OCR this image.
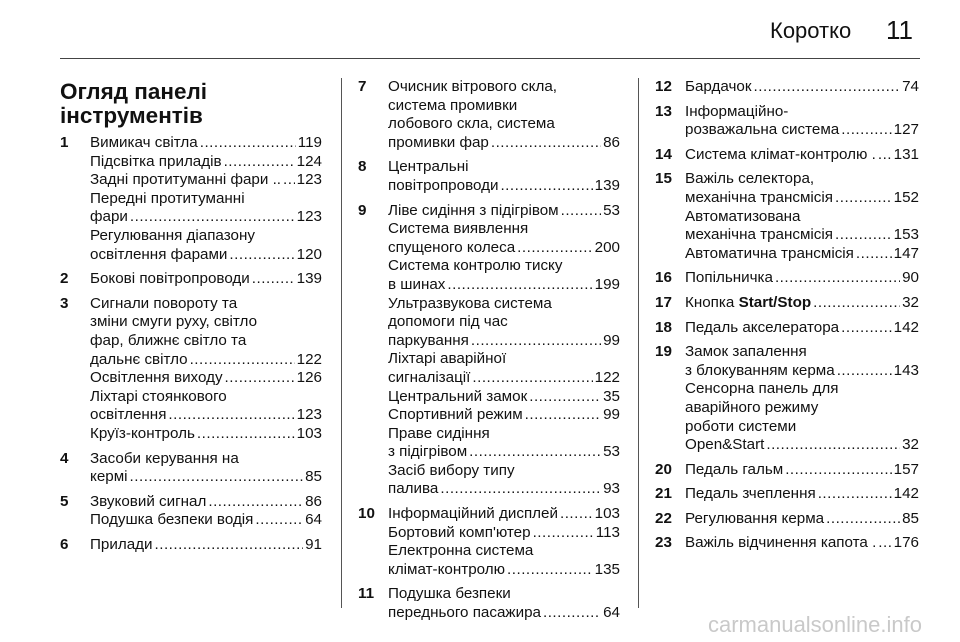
Коротко 11
Огляд панелі
інструментів
1 Вимикач світла .....	119
Підсвітка приладів .....	124
Задні протитуманні фари .. ..... 123
Передні протитуманні
фари .....	123
Регулювання діапазону
освітлення фарами .....	120
2 Бокові повітропроводи .....	139
3 Сигнали повороту та
зміни смуги руху, світло
фар, ближнє світло та
дальнє світло .....	122
Освітлення виходу .....	126
Ліхтарі стоянкового
освітлення .....	123
Круїз-контроль .....	103
4 Засоби керування на
кермі .....	85
5 Звуковий сигнал .....	86
Подушка безпеки водія .....	64
6 Прилади .....	91
7 Очисник вітрового скла,
система промивки
лобового скла, система
промивки фар .....	86
8 Центральні
повітропроводи .....	139
9 Ліве сидіння з підігрівом .....	53
Система виявлення
спущеного колеса .....	200
Система контролю тиску
в шинах .....	199
Ультразвукова система
допомоги під час
паркування .....	99
Ліхтарі аварійної
сигналізації .....	122
Центральний замок .....	35
Спортивний режим .....	99
Праве сидіння
з підігрівом .....	53
Засіб вибору типу
палива .....	93
10 Інформаційний дисплей ..... 103
Бортовий комп'ютер .....	113
Електронна система
клімат-контролю .....	135
11 Подушка безпеки
переднього пасажира .....	64
12 Бардачок .....	74
13 Інформаційно-
розважальна система .....	127
14 Система клімат-контролю . ..... 131
15 Важіль селектора,
механічна трансмісія .....	152
Автоматизована
механічна трансмісія .....	153
Автоматична трансмісія .....	147
16 Попільничка .....	90
17 Кнопка Start/Stop .....	32
18 Педаль акселератора .....	142
19 Замок запалення
з блокуванням керма .....	143
Сенсорна панель для
аварійного режиму
роботи системи
Open&Start .....	32
20 Педаль гальм .....	157
21 Педаль зчеплення .....	142
22 Регулювання керма .....	85
23 Важіль відчинення капота . ..... 176
carmanualsonline.info
